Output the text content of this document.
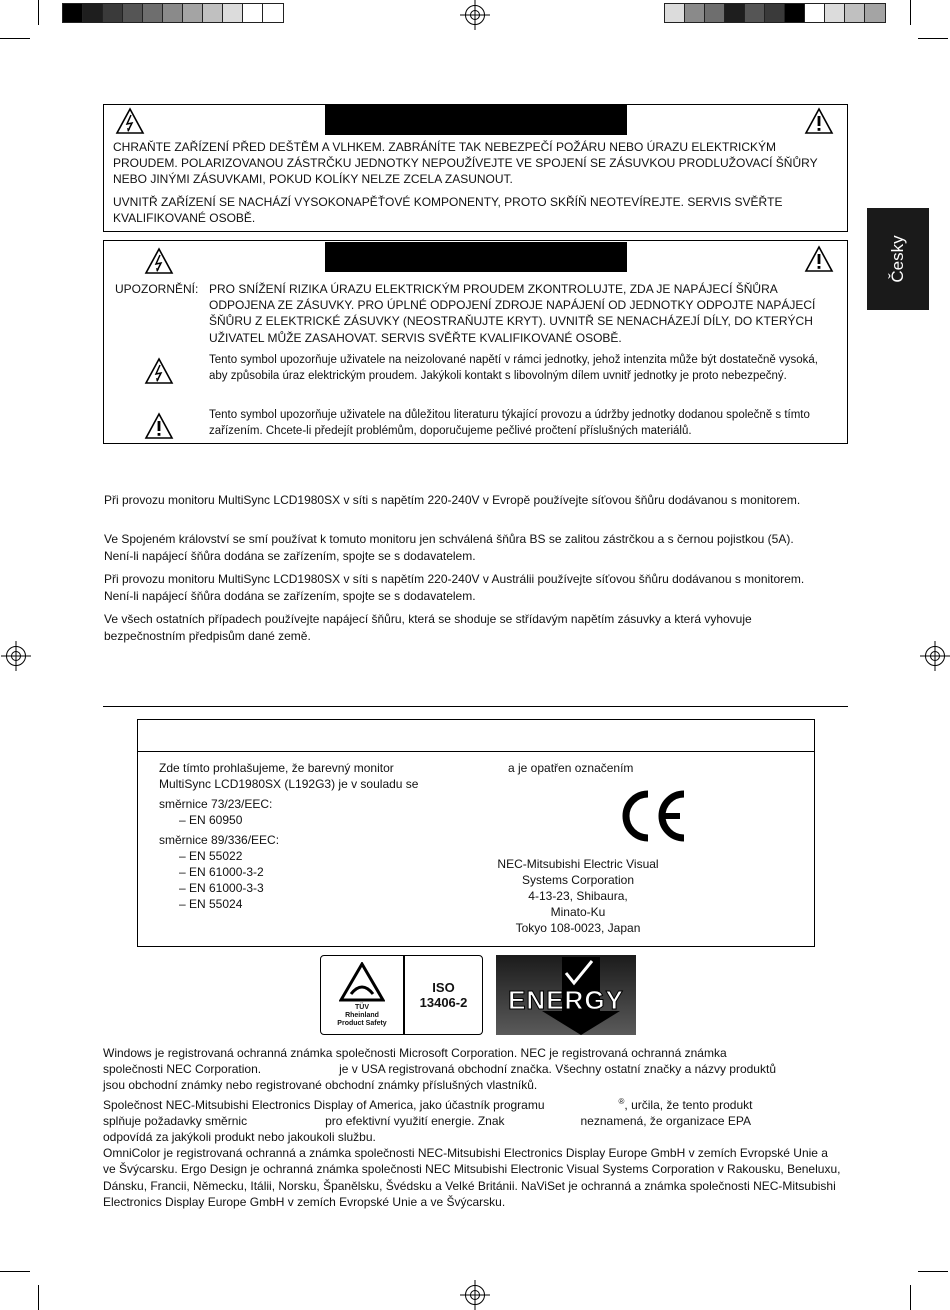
Česky
CHRAŇTE ZAŘÍZENÍ PŘED DEŠTĚM A VLHKEM. ZABRÁNÍTE TAK NEBEZPEČÍ POŽÁRU NEBO ÚRAZU ELEKTRICKÝM PROUDEM. POLARIZOVANOU ZÁSTRČKU JEDNOTKY NEPOUŽÍVEJTE VE SPOJENÍ SE ZÁSUVKOU PRODLUŽOVACÍ ŠŇŮRY NEBO JINÝMI ZÁSUVKAMI, POKUD KOLÍKY NELZE ZCELA ZASUNOUT.
UVNITŘ ZAŘÍZENÍ SE NACHÁZÍ VYSOKONAPĚŤOVÉ KOMPONENTY, PROTO SKŘÍŇ NEOTEVÍREJTE. SERVIS SVĚŘTE KVALIFIKOVANÉ OSOBĚ.
UPOZORNĚNÍ: PRO SNÍŽENÍ RIZIKA ÚRAZU ELEKTRICKÝM PROUDEM ZKONTROLUJTE, ZDA JE NAPÁJECÍ ŠŇŮRA ODPOJENA ZE ZÁSUVKY. PRO ÚPLNÉ ODPOJENÍ ZDROJE NAPÁJENÍ OD JEDNOTKY ODPOJTE NAPÁJECÍ ŠŇŮRU Z ELEKTRICKÉ ZÁSUVKY (NEOSTRAŇUJTE KRYT). UVNITŘ SE NENACHÁZEJÍ DÍLY, DO KTERÝCH UŽIVATEL MŮŽE ZASAHOVAT. SERVIS SVĚŘTE KVALIFIKOVANÉ OSOBĚ.
Tento symbol upozorňuje uživatele na neizolované napětí v rámci jednotky, jehož intenzita může být dostatečně vysoká, aby způsobila úraz elektrickým proudem. Jakýkoli kontakt s libovolným dílem uvnitř jednotky je proto nebezpečný.
Tento symbol upozorňuje uživatele na důležitou literaturu týkající provozu a údržby jednotky dodanou společně s tímto zařízením. Chcete-li předejít problémům, doporučujeme pečlivé pročtení příslušných materiálů.
Při provozu monitoru MultiSync LCD1980SX v síti s napětím 220-240V v Evropě používejte síťovou šňůru dodávanou s monitorem.
Ve Spojeném království se smí používat k tomuto monitoru jen schválená šňůra BS se zalitou zástrčkou a s černou pojistkou (5A). Není-li napájecí šňůra dodána se zařízením, spojte se s dodavatelem.
Při provozu monitoru MultiSync LCD1980SX v síti s napětím 220-240V v Austrálii používejte síťovou šňůru dodávanou s monitorem. Není-li napájecí šňůra dodána se zařízením, spojte se s dodavatelem.
Ve všech ostatních případech používejte napájecí šňůru, která se shoduje se střídavým napětím zásuvky a která vyhovuje bezpečnostním předpisům dané země.
Zde tímto prohlašujeme, že barevný monitor
MultiSync LCD1980SX (L192G3) je v souladu se
směrnice 73/23/EEC:
– EN 60950
směrnice 89/336/EEC:
– EN 55022
– EN 61000-3-2
– EN 61000-3-3
– EN 55024
a je opatřen označením
NEC-Mitsubishi Electric Visual
Systems Corporation
4-13-23, Shibaura,
Minato-Ku
Tokyo 108-0023, Japan
TÜV
Rheinland
Product Safety
ISO
13406-2	ENERGY
Windows je registrovaná ochranná známka společnosti Microsoft Corporation. NEC je registrovaná ochranná známka
společnosti NEC Corporation.	je v USA registrovaná obchodní značka. Všechny ostatní značky a názvy produktů
jsou obchodní známky nebo registrované obchodní známky příslušných vlastníků.
Společnost NEC-Mitsubishi Electronics Display of America, jako účastník programu	®, určila, že tento produkt
splňuje požadavky směrnic	pro efektivní využití energie. Znak	neznamená, že organizace EPA
odpovídá za jakýkoli produkt nebo jakoukoli službu.
OmniColor je registrovaná ochranná a známka společnosti NEC-Mitsubishi Electronics Display Europe GmbH v zemích Evropské Unie a ve Švýcarsku. Ergo Design je ochranná známka společnosti NEC Mitsubishi Electronic Visual Systems Corporation v Rakousku, Beneluxu, Dánsku, Francii, Německu, Itálii, Norsku, Španělsku, Švédsku a Velké Británii. NaViSet je ochranná a známka společnosti NEC-Mitsubishi Electronics Display Europe GmbH v zemích Evropské Unie a ve Švýcarsku.
